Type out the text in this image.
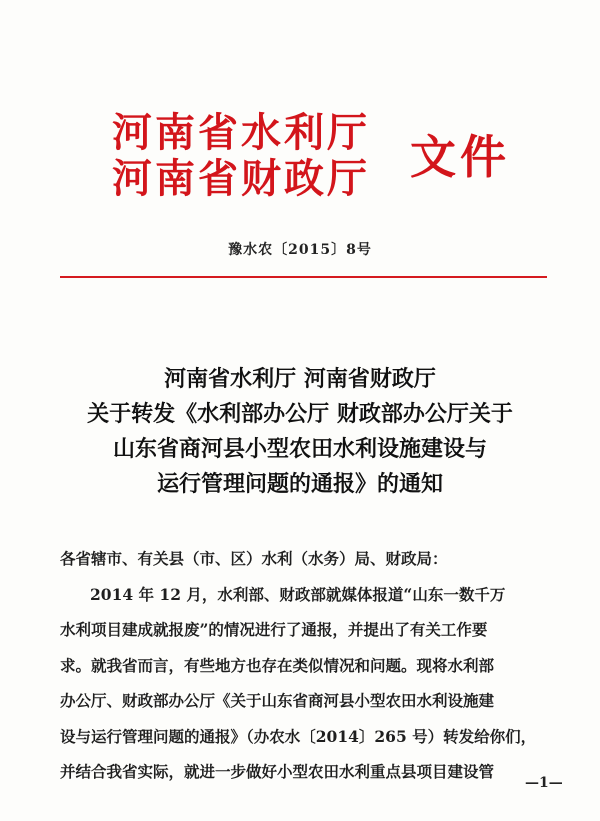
河南省水利厅
河南省财政厅 文件
豫水农〔2015〕8号
河南省水利厅 河南省财政厅
关于转发《水利部办公厅 财政部办公厅关于
山东省商河县小型农田水利设施建设与
运行管理问题的通报》的通知
各省辖市、有关县（市、区）水利（水务）局、财政局：
2014 年 12 月，水利部、财政部就媒体报道“山东一数千万
水利项目建成就报废”的情况进行了通报，并提出了有关工作要
求。就我省而言，有些地方也存在类似情况和问题。现将水利部
办公厅、财政部办公厅《关于山东省商河县小型农田水利设施建
设与运行管理问题的通报》（办农水〔2014〕265 号）转发给你们，
并结合我省实际，就进一步做好小型农田水利重点县项目建设管
—1—
